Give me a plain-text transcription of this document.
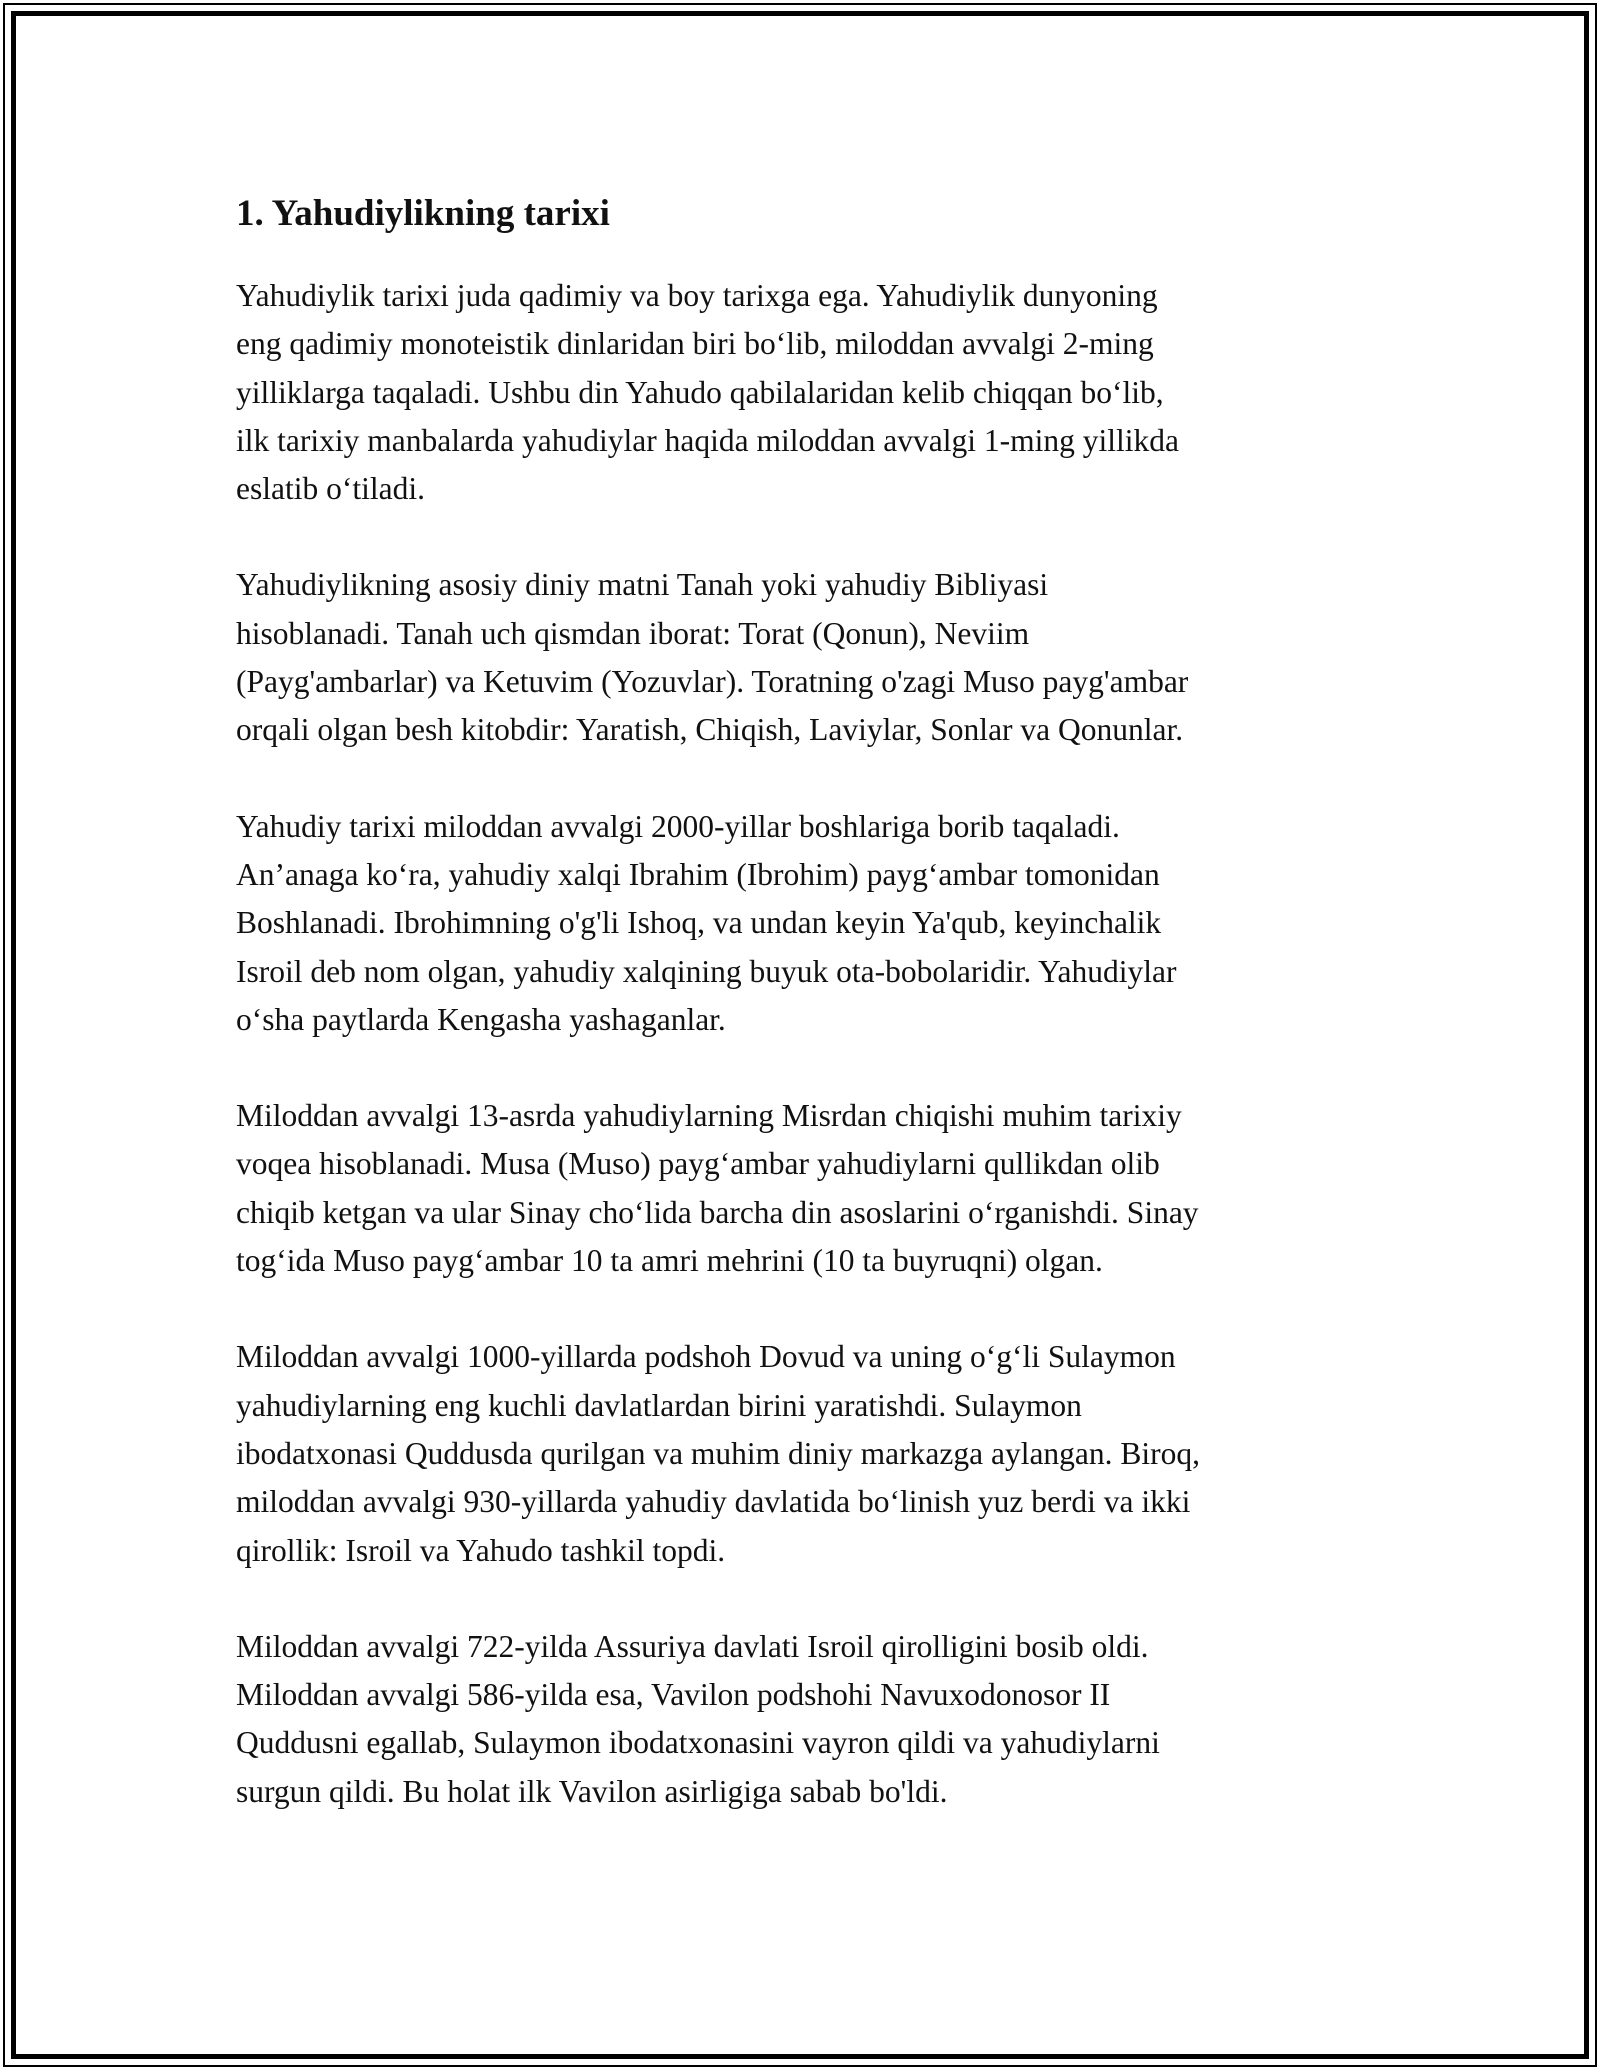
1. Yahudiylikning tarixi

Yahudiylik tarixi juda qadimiy va boy tarixga ega. Yahudiylik dunyoning
eng qadimiy monoteistik dinlaridan biri bo‘lib, miloddan avvalgi 2-ming
yilliklarga taqaladi. Ushbu din Yahudo qabilalaridan kelib chiqqan bo‘lib,
ilk tarixiy manbalarda yahudiylar haqida miloddan avvalgi 1-ming yillikda
eslatib o‘tiladi.

Yahudiylikning asosiy diniy matni Tanah yoki yahudiy Bibliyasi
hisoblanadi. Tanah uch qismdan iborat: Torat (Qonun), Neviim
(Payg'ambarlar) va Ketuvim (Yozuvlar). Toratning o'zagi Muso payg'ambar
orqali olgan besh kitobdir: Yaratish, Chiqish, Laviylar, Sonlar va Qonunlar.

Yahudiy tarixi miloddan avvalgi 2000-yillar boshlariga borib taqaladi.
An’anaga ko‘ra, yahudiy xalqi Ibrahim (Ibrohim) payg‘ambar tomonidan
Boshlanadi. Ibrohimning o'g'li Ishoq, va undan keyin Ya'qub, keyinchalik
Isroil deb nom olgan, yahudiy xalqining buyuk ota-bobolaridir. Yahudiylar
o‘sha paytlarda Kengasha yashaganlar.

Miloddan avvalgi 13-asrda yahudiylarning Misrdan chiqishi muhim tarixiy
voqea hisoblanadi. Musa (Muso) payg‘ambar yahudiylarni qullikdan olib
chiqib ketgan va ular Sinay cho‘lida barcha din asoslarini o‘rganishdi. Sinay
tog‘ida Muso payg‘ambar 10 ta amri mehrini (10 ta buyruqni) olgan.

Miloddan avvalgi 1000-yillarda podshoh Dovud va uning o‘g‘li Sulaymon
yahudiylarning eng kuchli davlatlardan birini yaratishdi. Sulaymon
ibodatxonasi Quddusda qurilgan va muhim diniy markazga aylangan. Biroq,
miloddan avvalgi 930-yillarda yahudiy davlatida bo‘linish yuz berdi va ikki
qirollik: Isroil va Yahudo tashkil topdi.

Miloddan avvalgi 722-yilda Assuriya davlati Isroil qirolligini bosib oldi.
Miloddan avvalgi 586-yilda esa, Vavilon podshohi Navuxodonosor II
Quddusni egallab, Sulaymon ibodatxonasini vayron qildi va yahudiylarni
surgun qildi. Bu holat ilk Vavilon asirligiga sabab bo'ldi.
